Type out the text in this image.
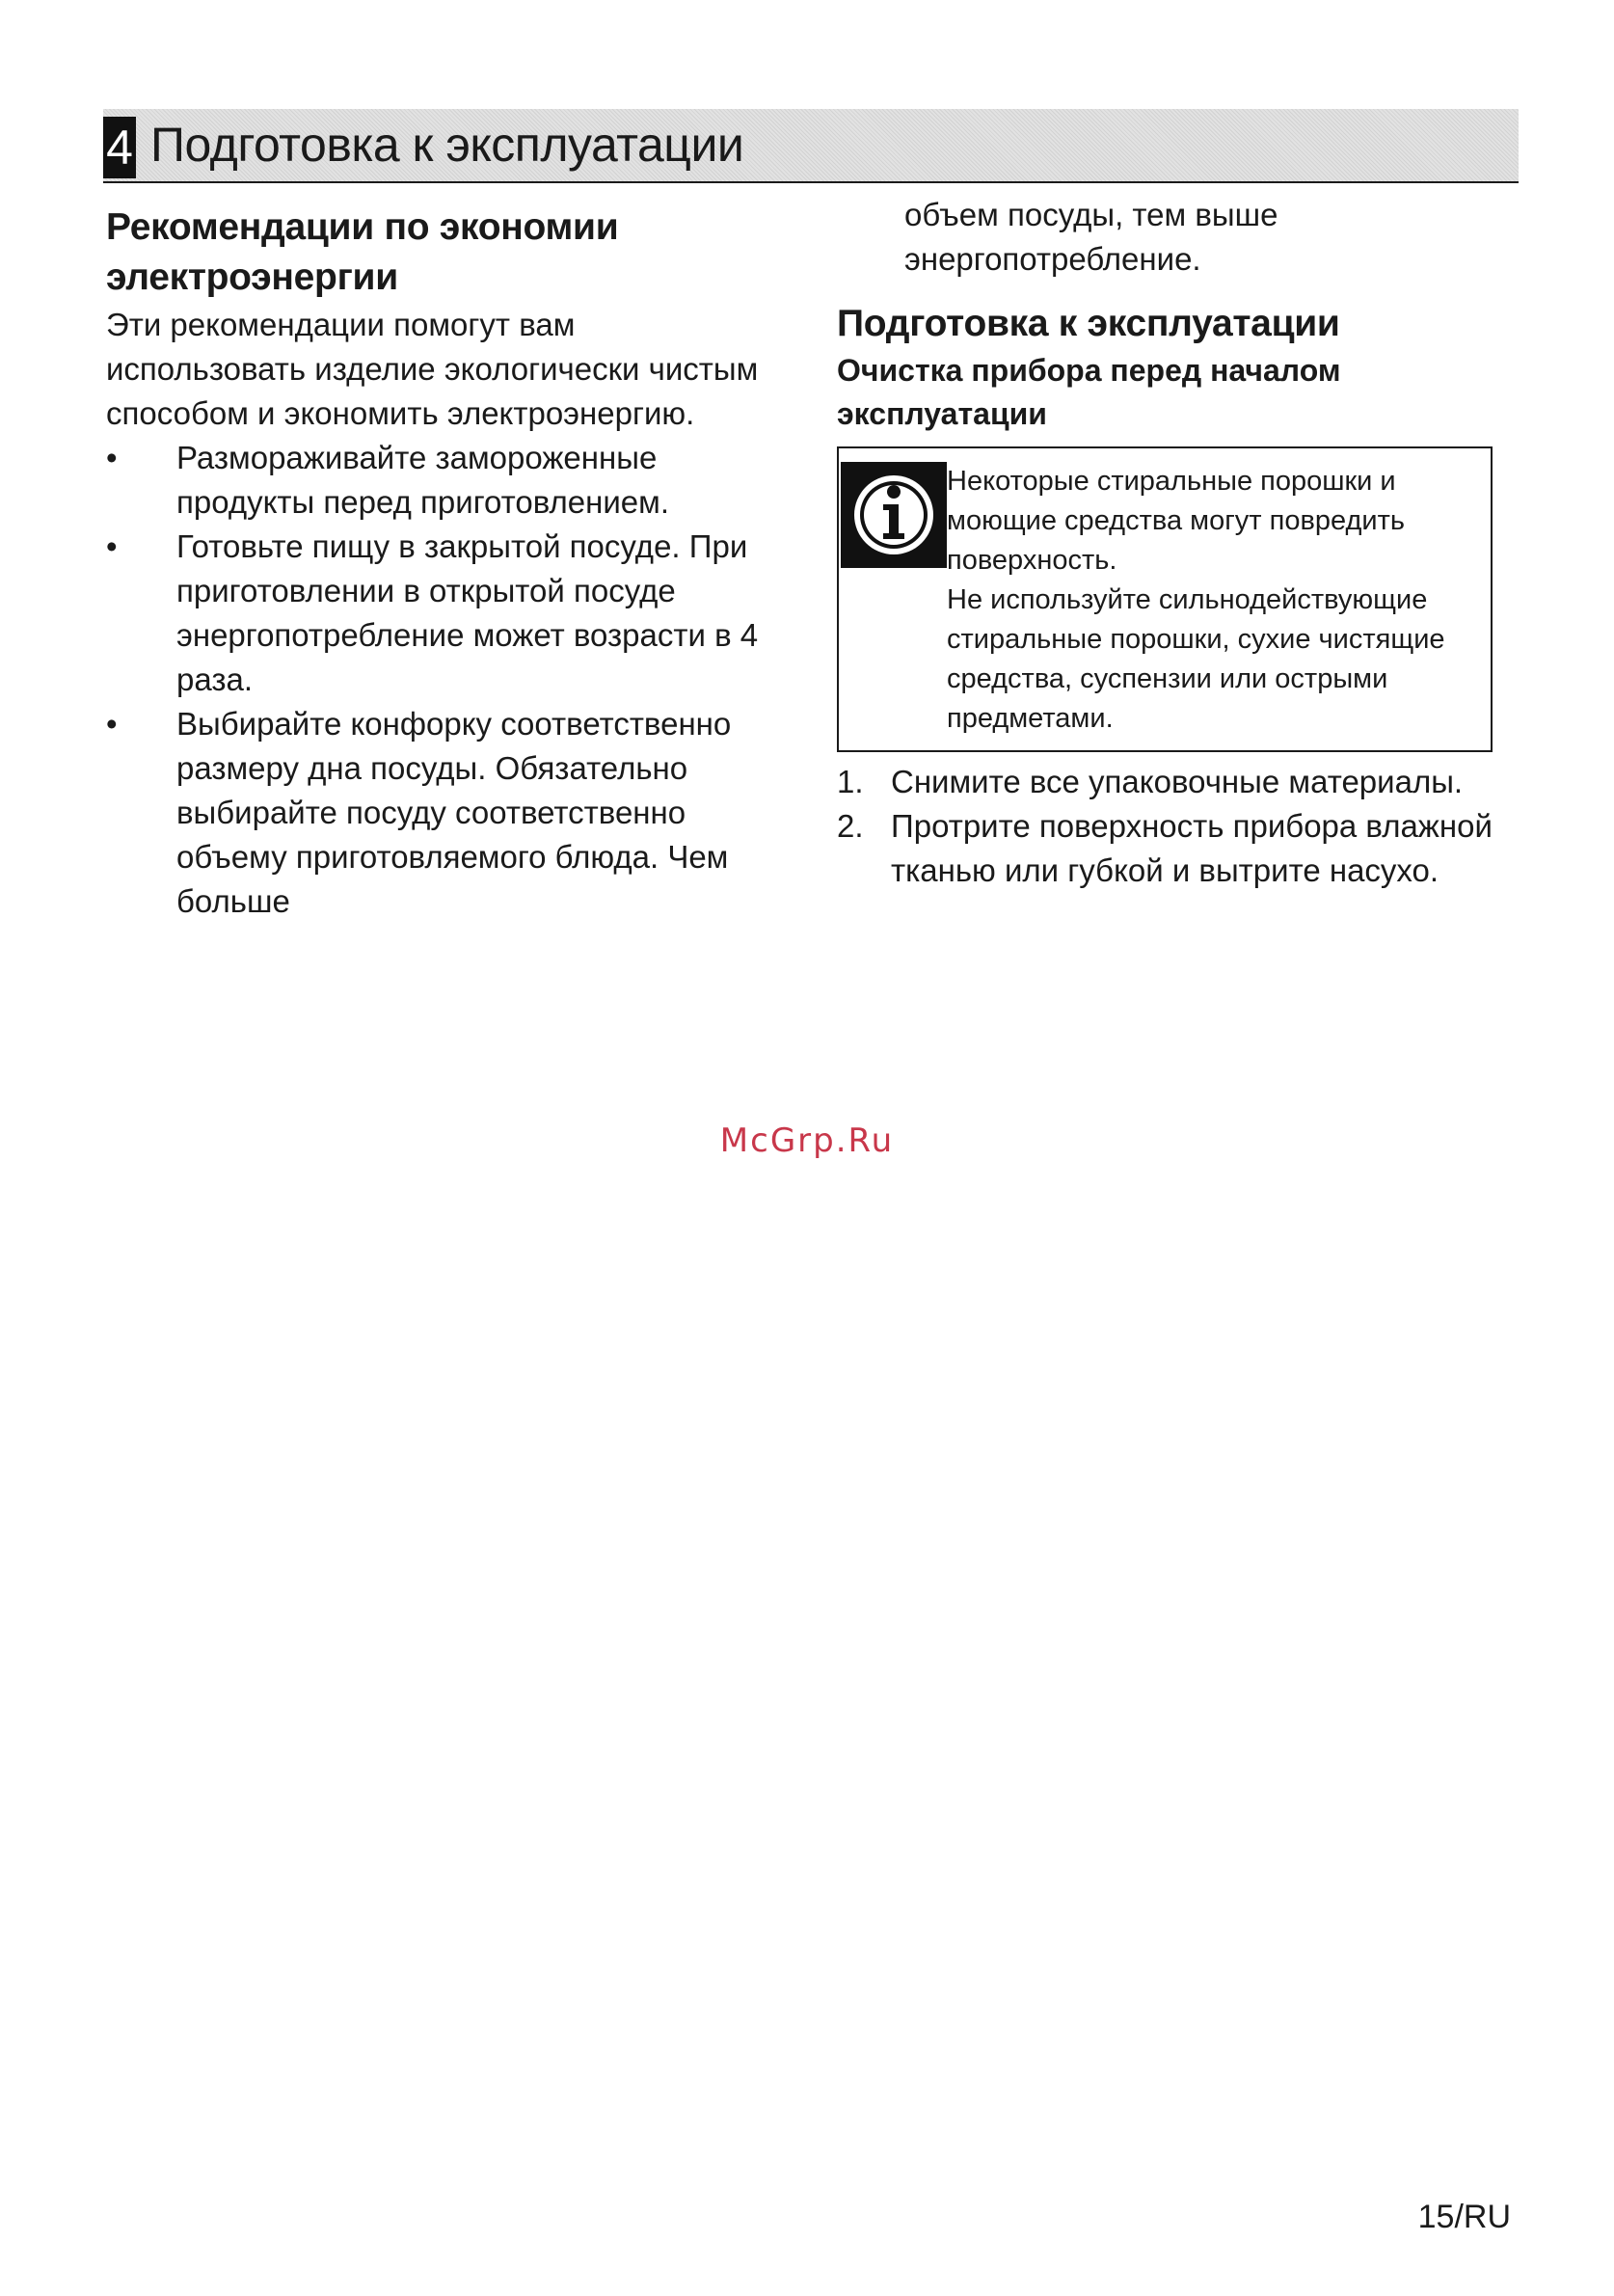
4 Подготовка к эксплуатации
Рекомендации по экономии электроэнергии

Эти рекомендации помогут вам использовать изделие экологически чистым способом и экономить электроэнергию.

• Размораживайте замороженные продукты перед приготовлением.
• Готовьте пищу в закрытой посуде. При приготовлении в открытой посуде энергопотребление может возрасти в 4 раза.
• Выбирайте конфорку соответственно размеру дна посуды. Обязательно выбирайте посуду соответственно объему приготовляемого блюда. Чем больше

объем посуды, тем выше энергопотребление.

Подготовка к эксплуатации
Очистка прибора перед началом эксплуатации

Некоторые стиральные порошки и моющие средства могут повредить поверхность.

Не используйте сильнодействующие стиральные порошки, сухие чистящие средства, суспензии или острыми предметами.

1. Снимите все упаковочные материалы.
2. Протрите поверхность прибора влажной тканью или губкой и вытрите насухо.
McGrp.Ru
15/RU
